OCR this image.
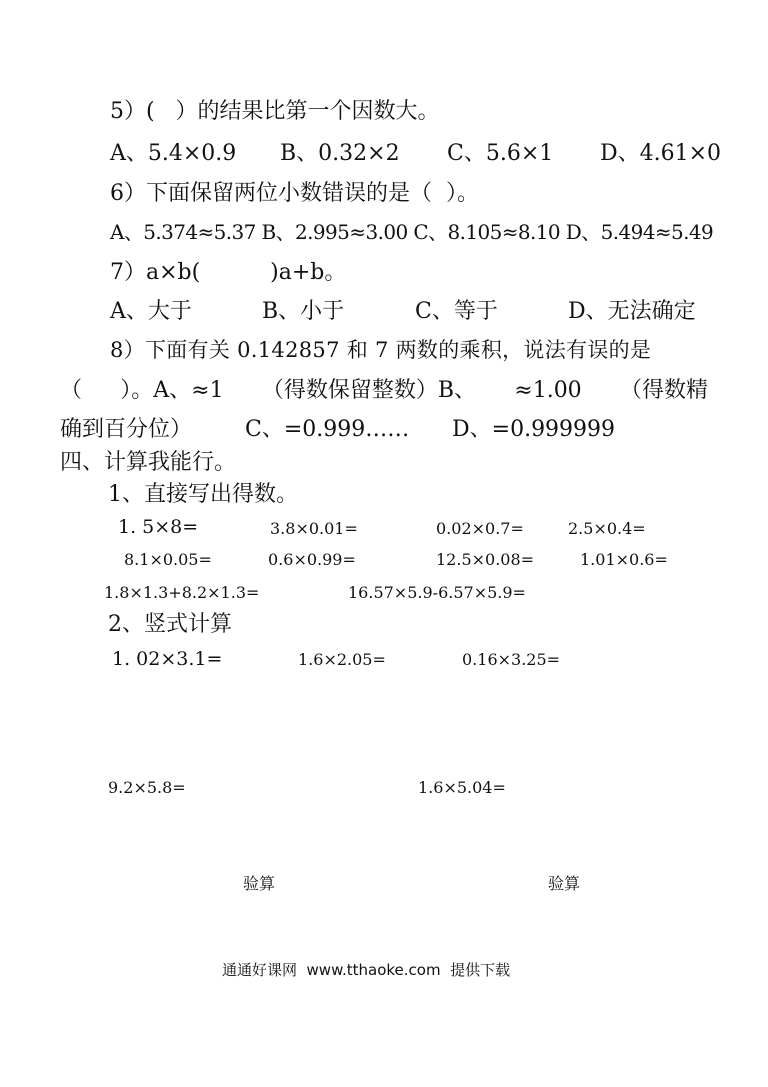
5）(   ）的结果比第一个因数大。
A、5.4×0.9 B、0.32×2 C、5.6×1 D、4.61×0
6）下面保留两位小数错误的是（  ）。
A、5.374≈5.37 B、2.995≈3.00 C、8.105≈8.10 D、5.494≈5.49
7）a×b(          )a+b。
A、大于	B、小于	C、等于	D、无法确定
8）下面有关 0.142857 和 7 两数的乘积，说法有误的是
（ ）。A、≈1 （得数保留整数）B、 ≈1.00 （得数精
确到百分位） C、=0.999…… D、=0.999999
四、计算我能行。
1、直接写出得数。
1. 5×8=	3.8×0.01=	0.02×0.7=	2.5×0.4=
8.1×0.05=	0.6×0.99=	12.5×0.08=	1.01×0.6=
1.8×1.3+8.2×1.3=	16.57×5.9-6.57×5.9=
2、竖式计算
1. 02×3.1=	1.6×2.05=	0.16×3.25=
9.2×5.8=	1.6×5.04=
验算	验算
通通好课网  www.tthaoke.com  提供下载
